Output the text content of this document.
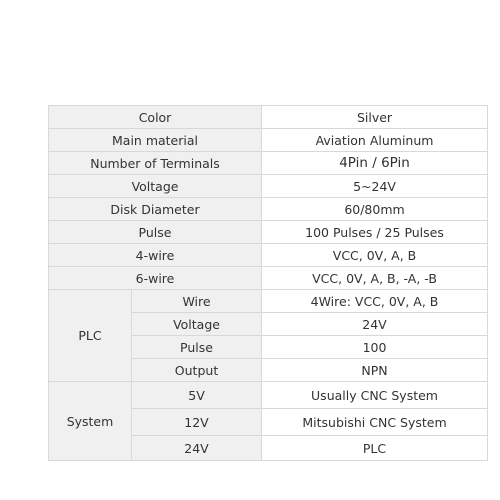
Color		Silver
Main material		Aviation Aluminum
Number of Terminals		4Pin / 6Pin
Voltage		5~24V
Disk Diameter		60/80mm
Pulse		100 Pulses / 25 Pulses
4-wire		VCC, 0V, A, B
6-wire		VCC, 0V, A, B, -A, -B
PLC	Wire	4Wire: VCC, 0V, A, B
	Voltage	24V
	Pulse	100
	Output	NPN
System	5V	Usually CNC System
	12V	Mitsubishi CNC System
	24V	PLC
